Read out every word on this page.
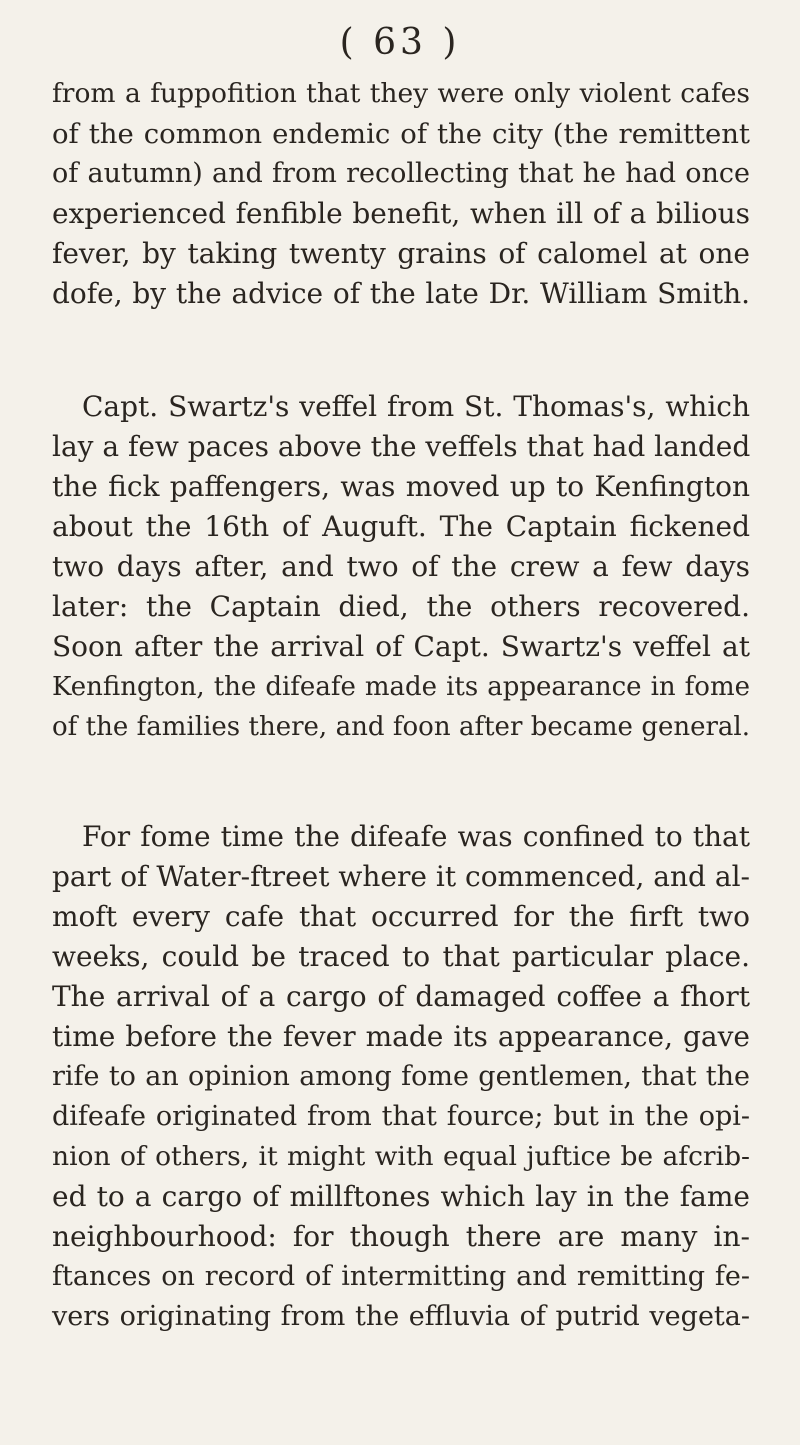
( 63 )
from a fuppofition that they were only violent cafes
of the common endemic of the city (the remittent
of autumn) and from recollecting that he had once
experienced fenfible benefit, when ill of a bilious
fever, by taking twenty grains of calomel at one
dofe, by the advice of the late Dr. William Smith.
Capt. Swartz's veffel from St. Thomas's, which
lay a few paces above the veffels that had landed
the fick paffengers, was moved up to Kenfington
about the 16th of Auguft. The Captain fickened
two days after, and two of the crew a few days
later: the Captain died, the others recovered.
Soon after the arrival of Capt. Swartz's veffel at
Kenfington, the difeafe made its appearance in fome
of the families there, and foon after became general.
For fome time the difeafe was confined to that
part of Water-ftreet where it commenced, and al-
moft every cafe that occurred for the firft two
weeks, could be traced to that particular place.
The arrival of a cargo of damaged coffee a fhort
time before the fever made its appearance, gave
rife to an opinion among fome gentlemen, that the
difeafe originated from that fource; but in the opi-
nion of others, it might with equal juftice be afcrib-
ed to a cargo of millftones which lay in the fame
neighbourhood: for though there are many in-
ftances on record of intermitting and remitting fe-
vers originating from the effluvia of putrid vegeta-
